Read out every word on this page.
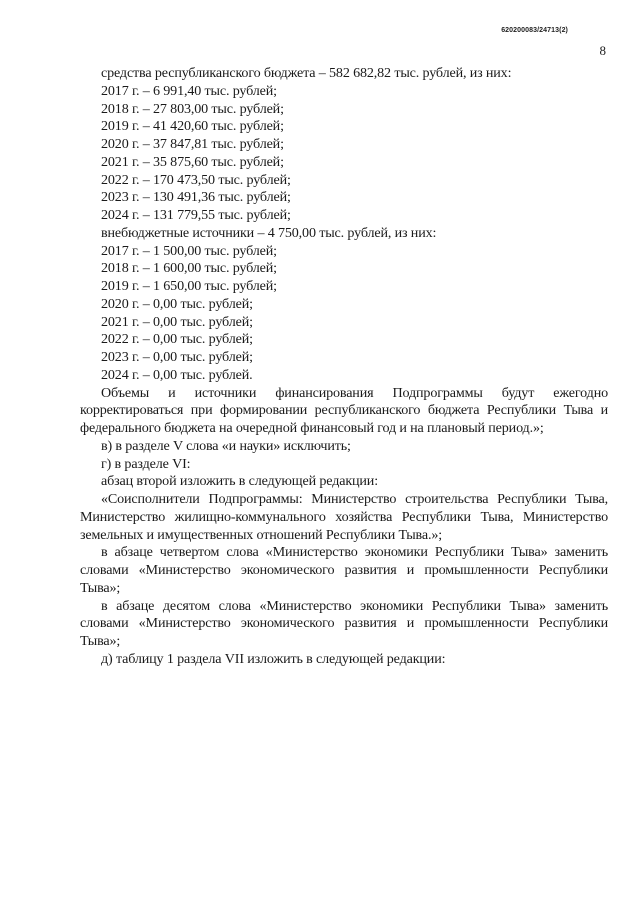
620200083/24713(2)
8
средства республиканского бюджета – 582 682,82 тыс. рублей, из них:
2017 г. – 6 991,40 тыс. рублей;
2018 г. – 27 803,00 тыс. рублей;
2019 г. – 41 420,60 тыс. рублей;
2020 г. – 37 847,81 тыс. рублей;
2021 г. – 35 875,60 тыс. рублей;
2022 г. – 170 473,50 тыс. рублей;
2023 г. – 130 491,36 тыс. рублей;
2024 г. – 131 779,55 тыс. рублей;
внебюджетные источники – 4 750,00 тыс. рублей, из них:
2017 г. – 1 500,00 тыс. рублей;
2018 г. – 1 600,00 тыс. рублей;
2019 г. – 1 650,00 тыс. рублей;
2020 г. – 0,00 тыс. рублей;
2021 г. – 0,00 тыс. рублей;
2022 г. – 0,00 тыс. рублей;
2023 г. – 0,00 тыс. рублей;
2024 г. – 0,00 тыс. рублей.

Объемы и источники финансирования Подпрограммы будут ежегодно корректироваться при формировании республиканского бюджета Республики Тыва и федерального бюджета на очередной финансовый год и на плановый период.»;

в) в разделе V слова «и науки» исключить;

г) в разделе VI:

абзац второй изложить в следующей редакции:

«Соисполнители Подпрограммы: Министерство строительства Республики Тыва, Министерство жилищно-коммунального хозяйства Республики Тыва, Министерство земельных и имущественных отношений Республики Тыва.»;

в абзаце четвертом слова «Министерство экономики Республики Тыва» заменить словами «Министерство экономического развития и промышленности Республики Тыва»;

в абзаце десятом слова «Министерство экономики Республики Тыва» заменить словами «Министерство экономического развития и промышленности Республики Тыва»;

д) таблицу 1 раздела VII изложить в следующей редакции:
